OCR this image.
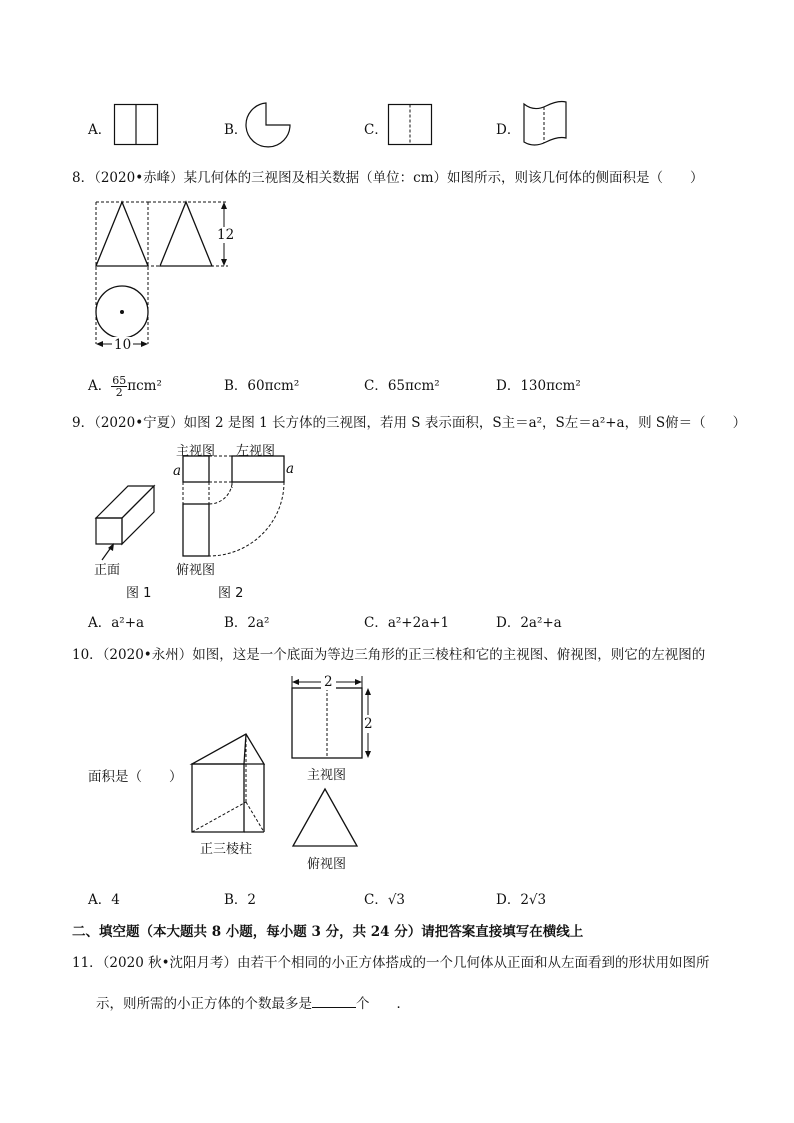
A．	B．	C．	D．
8．（2020•赤峰）某几何体的三视图及相关数据（单位：cm）如图所示，则该几何体的侧面积是（　　）
12
10
A． $\frac{65}{2} \pi cm^2$	B．60πcm²	C．65πcm²	D．130πcm²
9．（2020•宁夏）如图 2 是图 1 长方体的三视图，若用 S 表示面积，S主＝a²，S左＝a²+a，则 S俯＝（　　）
正面
图 1
主视图 左视图
a	a
俯视图
图 2
A．a²+a	B．2a²	C．a²+2a+1	D．2a²+a
10．（2020•永州）如图，这是一个底面为等边三角形的正三棱柱和它的主视图、俯视图，则它的左视图的
2
2
主视图
面积是（　　）
正三棱柱
俯视图
A．4	B．2	C．√3	D．2√3
二、填空题（本大题共 8 小题，每小题 3 分，共 24 分）请把答案直接填写在横线上
11．（2020 秋•沈阳月考）由若干个相同的小正方体搭成的一个几何体从正面和从左面看到的形状用如图所
示，则所需的小正方体的个数最多是	个　　．
